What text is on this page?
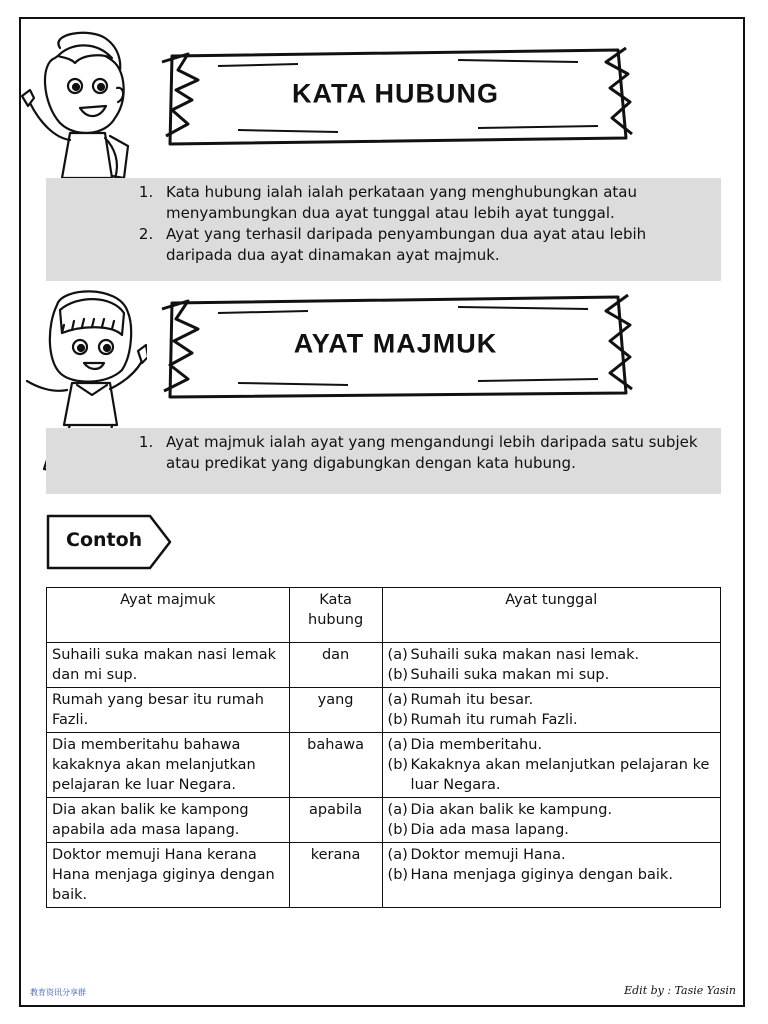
KATA HUBUNG
1. Kata hubung ialah ialah perkataan yang menghubungkan atau menyambungkan dua ayat tunggal atau lebih ayat tunggal.
2. Ayat yang terhasil daripada penyambungan dua ayat atau lebih daripada dua ayat dinamakan ayat majmuk.
AYAT MAJMUK
1. Ayat majmuk ialah ayat yang mengandungi lebih daripada satu subjek atau predikat yang digabungkan dengan kata hubung.
Contoh
Ayat majmuk	Kata hubung	Ayat tunggal
Suhaili suka makan nasi lemak dan mi sup.	dan	(a) Suhaili suka makan nasi lemak.
(b) Suhaili suka makan mi sup.

Rumah yang besar itu rumah Fazli.	yang	(a) Rumah itu besar.
(b) Rumah itu rumah Fazli.

Dia memberitahu bahawa kakaknya akan melanjutkan pelajaran ke luar Negara.	bahawa	(a) Dia memberitahu.
(b) Kakaknya akan melanjutkan pelajaran ke luar Negara.

Dia akan balik ke kampong apabila ada masa lapang.	apabila	(a) Dia akan balik ke kampung.
(b) Dia ada masa lapang.

Doktor memuji Hana kerana Hana menjaga giginya dengan baik.	kerana	(a) Doktor memuji Hana.
(b) Hana menjaga giginya dengan baik.
教育资讯分享群	Edit by : Tasie Yasin
